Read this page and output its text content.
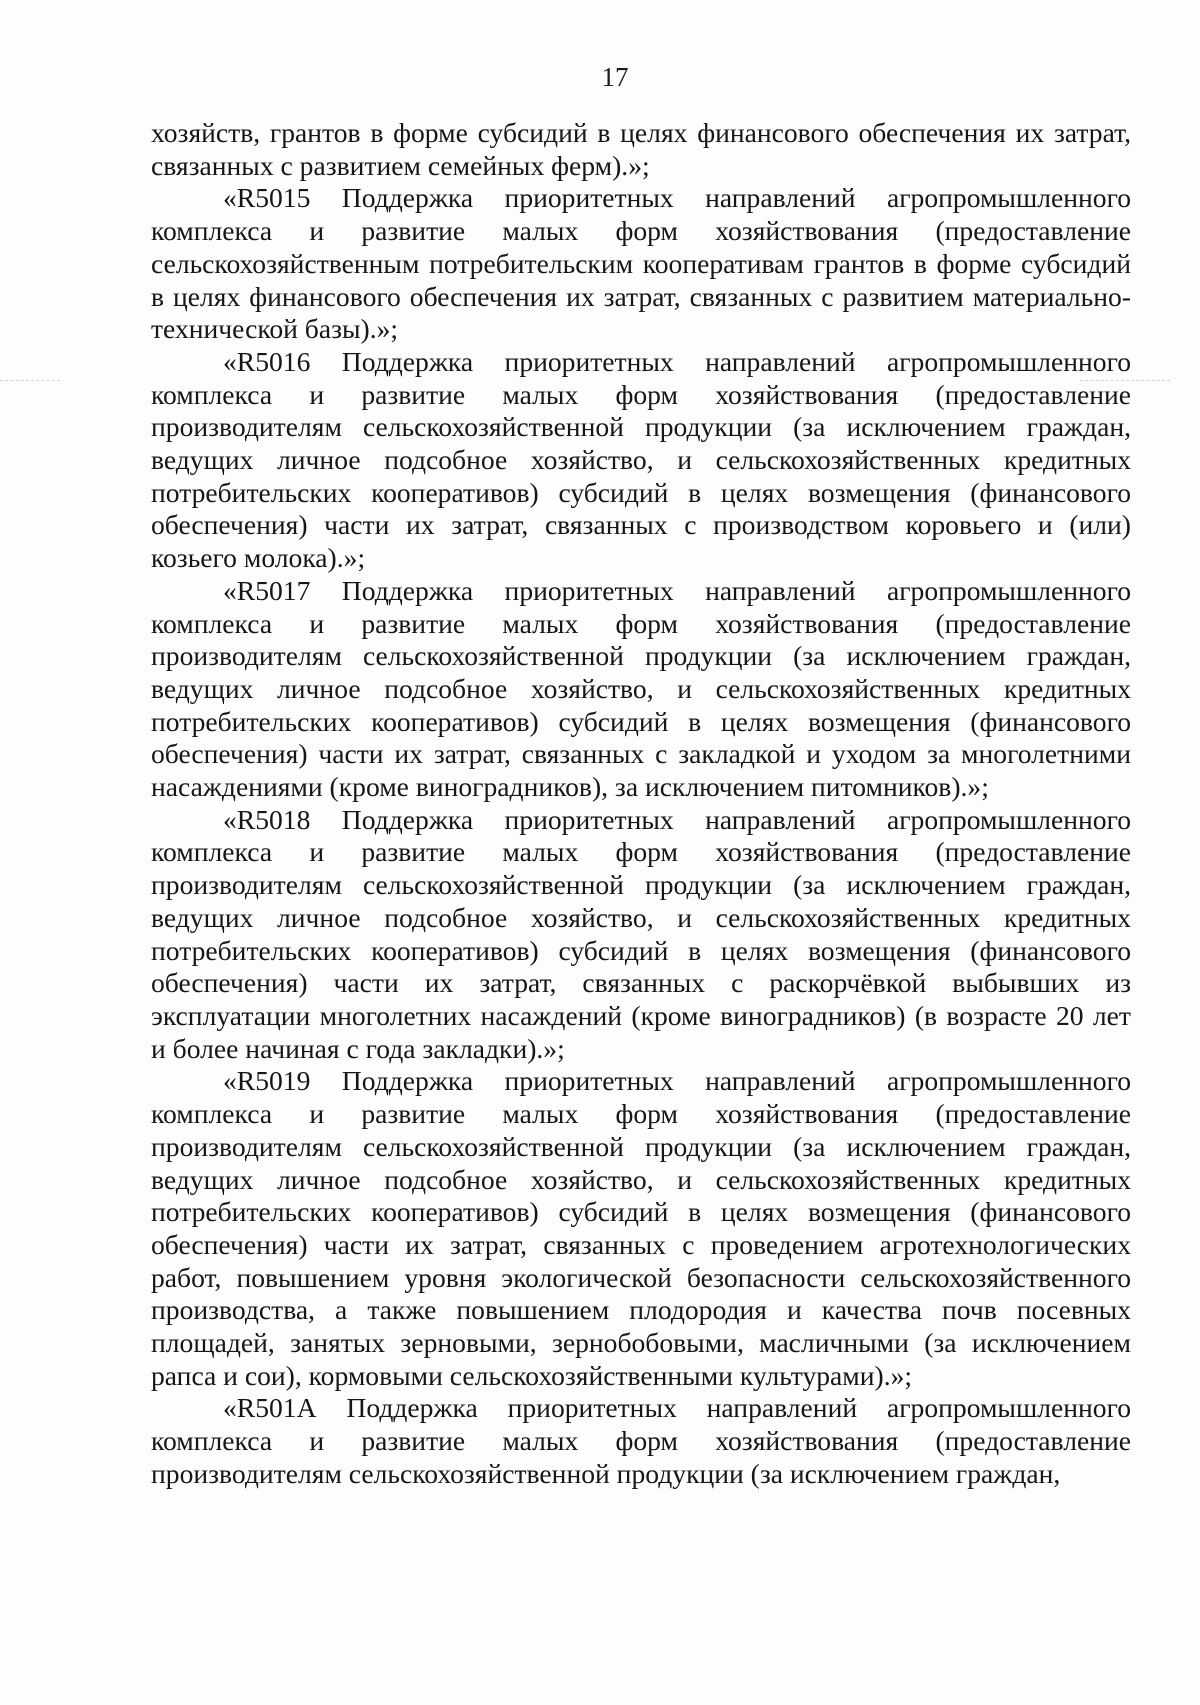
17

хозяйств, грантов в форме субсидий в целях финансового обеспечения их затрат, связанных с развитием семейных ферм).»;

«R5015 Поддержка приоритетных направлений агропромышленного комплекса и развитие малых форм хозяйствования (предоставление сельскохозяйственным потребительским кооперативам грантов в форме субсидий в целях финансового обеспечения их затрат, связанных с развитием материально-технической базы).»;

«R5016 Поддержка приоритетных направлений агропромышленного комплекса и развитие малых форм хозяйствования (предоставление производителям сельскохозяйственной продукции (за исключением граждан, ведущих личное подсобное хозяйство, и сельскохозяйственных кредитных потребительских кооперативов) субсидий в целях возмещения (финансового обеспечения) части их затрат, связанных с производством коровьего и (или) козьего молока).»;

«R5017 Поддержка приоритетных направлений агропромышленного комплекса и развитие малых форм хозяйствования (предоставление производителям сельскохозяйственной продукции (за исключением граждан, ведущих личное подсобное хозяйство, и сельскохозяйственных кредитных потребительских кооперативов) субсидий в целях возмещения (финансового обеспечения) части их затрат, связанных с закладкой и уходом за многолетними насаждениями (кроме виноградников), за исключением питомников).»;

«R5018 Поддержка приоритетных направлений агропромышленного комплекса и развитие малых форм хозяйствования (предоставление производителям сельскохозяйственной продукции (за исключением граждан, ведущих личное подсобное хозяйство, и сельскохозяйственных кредитных потребительских кооперативов) субсидий в целях возмещения (финансового обеспечения) части их затрат, связанных с раскорчёвкой выбывших из эксплуатации многолетних насаждений (кроме виноградников) (в возрасте 20 лет и более начиная с года закладки).»;

«R5019 Поддержка приоритетных направлений агропромышленного комплекса и развитие малых форм хозяйствования (предоставление производителям сельскохозяйственной продукции (за исключением граждан, ведущих личное подсобное хозяйство, и сельскохозяйственных кредитных потребительских кооперативов) субсидий в целях возмещения (финансового обеспечения) части их затрат, связанных с проведением агротехнологических работ, повышением уровня экологической безопасности сельскохозяйственного производства, а также повышением плодородия и качества почв посевных площадей, занятых зерновыми, зернобобовыми, масличными (за исключением рапса и сои), кормовыми сельскохозяйственными культурами).»;

«R501А Поддержка приоритетных направлений агропромышленного комплекса и развитие малых форм хозяйствования (предоставление производителям сельскохозяйственной продукции (за исключением граждан,
